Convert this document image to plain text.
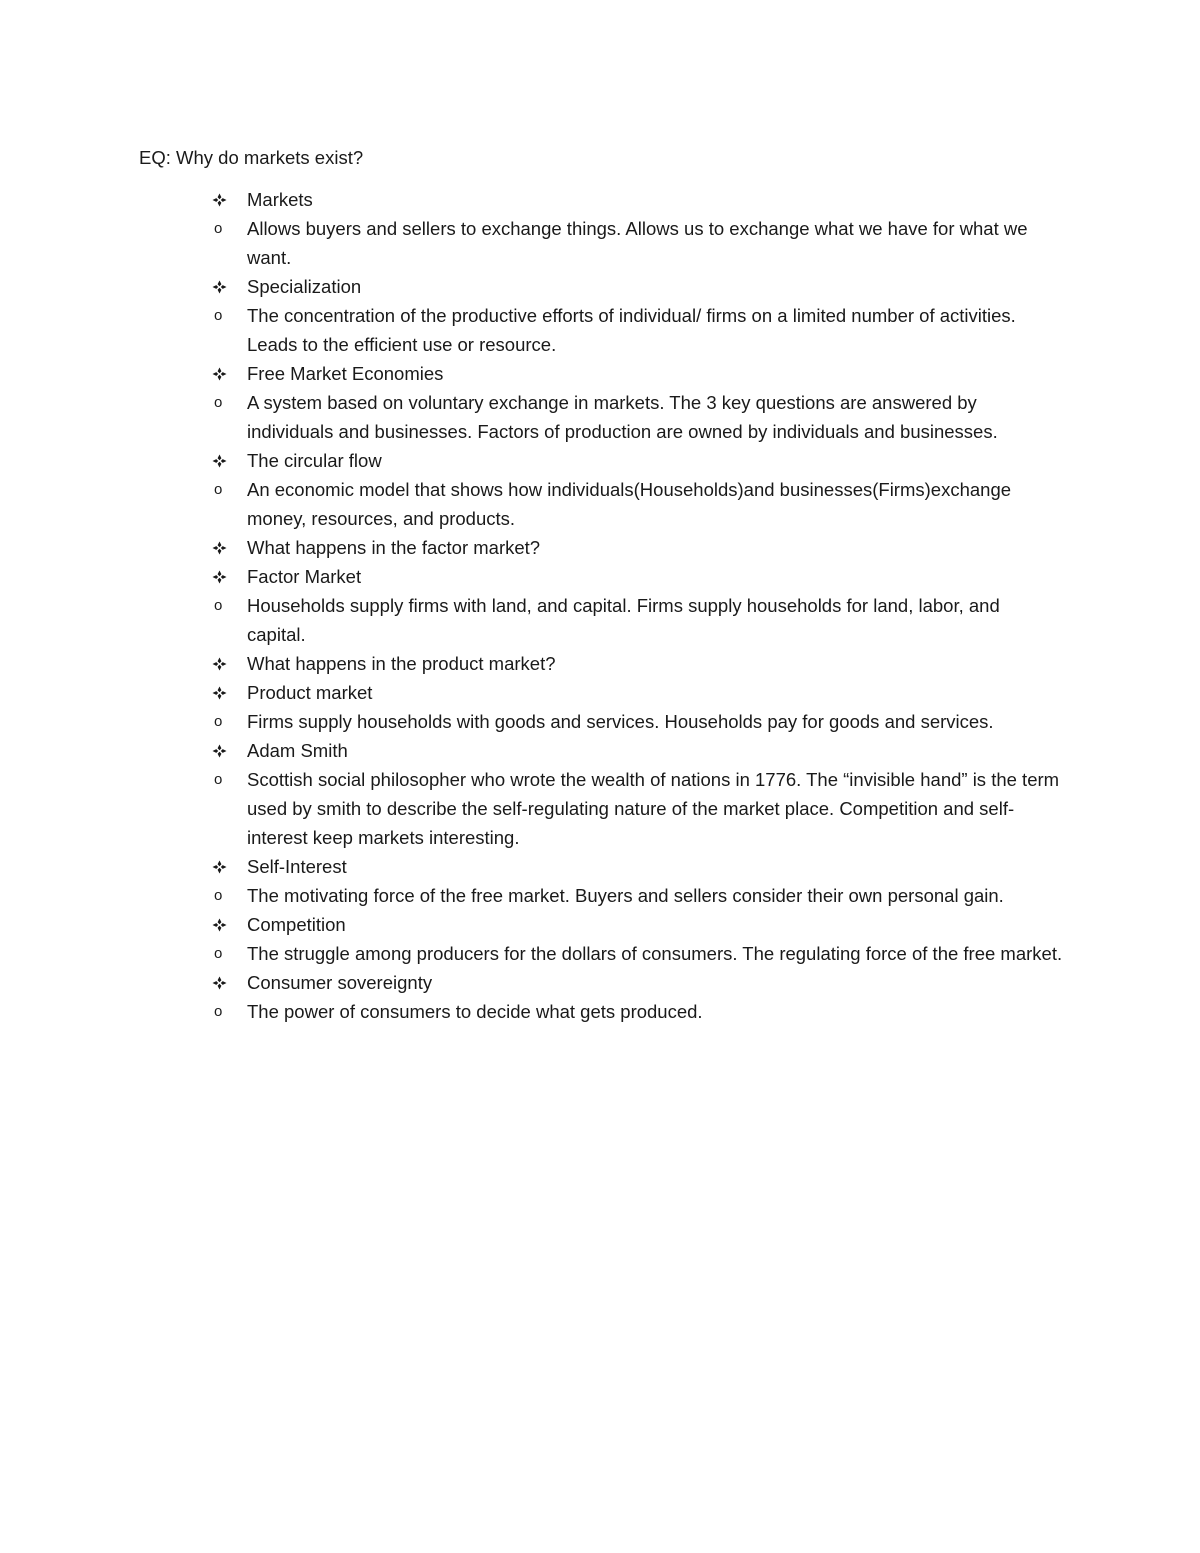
EQ: Why do markets exist?
Markets
o	Allows buyers and sellers to exchange things. Allows us to exchange what we have for what we want.
Specialization
o	The concentration of the productive efforts of individual/ firms on a limited number of activities. Leads to the efficient use or resource.
Free Market Economies
o	A system based on voluntary exchange in markets. The 3 key questions are answered by individuals and businesses. Factors of production are owned by individuals and businesses.
The circular flow
o	An economic model that shows how individuals(Households)and businesses(Firms)exchange money, resources, and products.
What happens in the factor market?
Factor Market
o	Households supply firms with land, and capital. Firms supply households for land, labor, and capital.
What happens in the product market?
Product market
o	Firms supply households with goods and services. Households pay for goods and services.
Adam Smith
o	Scottish social philosopher who wrote the wealth of nations in 1776. The “invisible hand” is the term used by smith to describe the self-regulating nature of the market place. Competition and self-interest keep markets interesting.
Self-Interest
o	The motivating force of the free market. Buyers and sellers consider their own personal gain.
Competition
o	The struggle among producers for the dollars of consumers. The regulating force of the free market.
Consumer sovereignty
o	The power of consumers to decide what gets produced.
